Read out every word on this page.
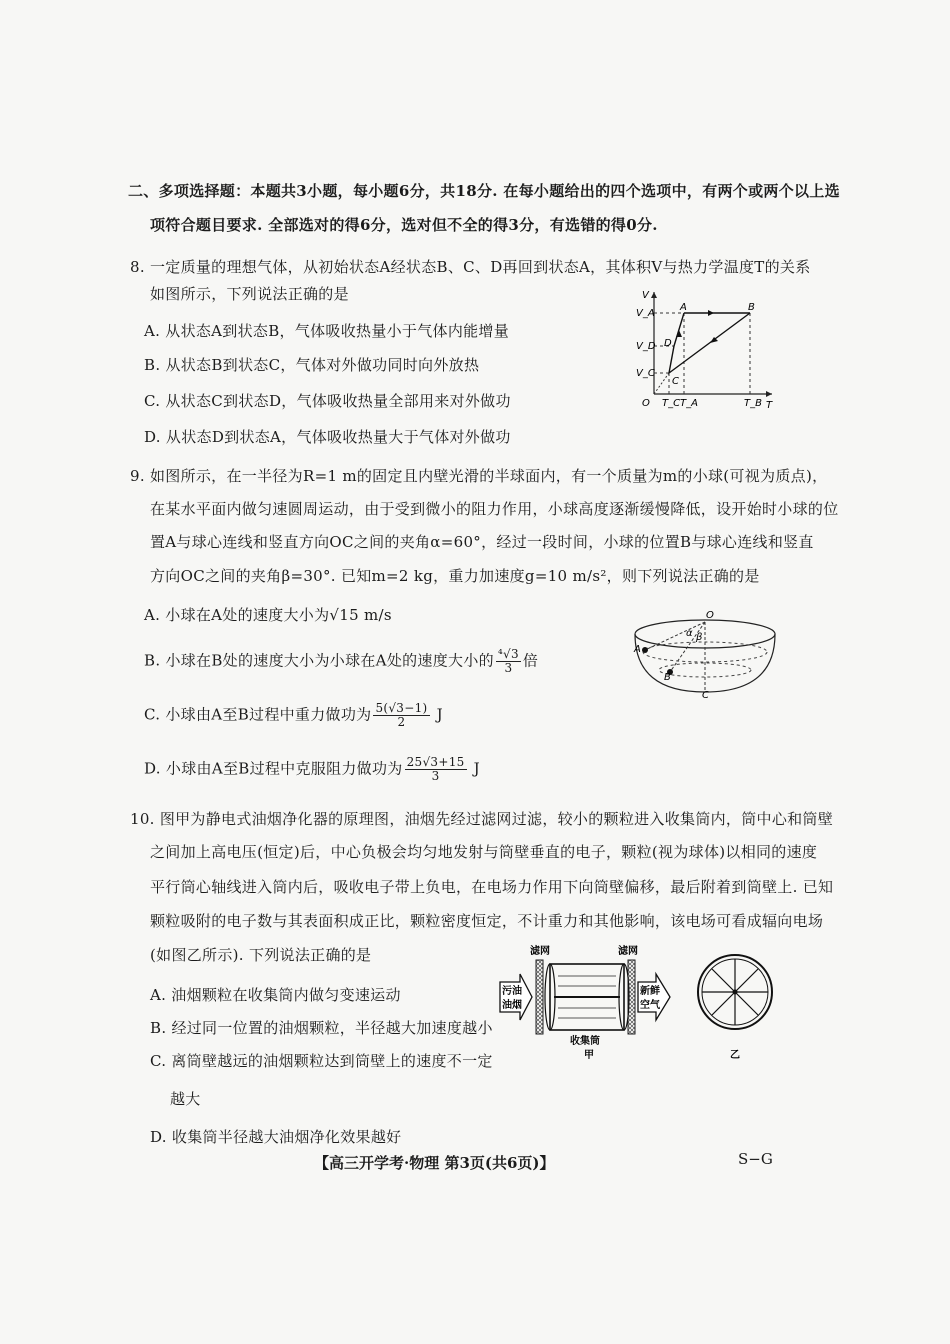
二、多项选择题：本题共3小题，每小题6分，共18分. 在每小题给出的四个选项中，有两个或两个以上选
项符合题目要求. 全部选对的得6分，选对但不全的得3分，有选错的得0分.
8. 一定质量的理想气体，从初始状态A经状态B、C、D再回到状态A，其体积V与热力学温度T的关系
如图所示，下列说法正确的是
A. 从状态A到状态B，气体吸收热量小于气体内能增量
B. 从状态B到状态C，气体对外做功同时向外放热
C. 从状态C到状态D，气体吸收热量全部用来对外做功
D. 从状态D到状态A，气体吸收热量大于气体对外做功
V
T
O
V_A
V_D
V_C
T_C T_A	T_B
A	B
C
D
9. 如图所示，在一半径为R=1 m的固定且内壁光滑的半球面内，有一个质量为m的小球(可视为质点)，
在某水平面内做匀速圆周运动，由于受到微小的阻力作用，小球高度逐渐缓慢降低，设开始时小球的位
置A与球心连线和竖直方向OC之间的夹角α=60°，经过一段时间，小球的位置B与球心连线和竖直
方向OC之间的夹角β=30°. 已知m=2 kg，重力加速度g=10 m/s²，则下列说法正确的是
A. 小球在A处的速度大小为√15 m/s
B. 小球在B处的速度大小为小球在A处的速度大小的 $\frac{\text{⁴√3}}{3}$ 倍
C. 小球由A至B过程中重力做功为 $\frac{5(√3-1)}{2}$ J
D. 小球由A至B过程中克服阻力做功为 $\frac{25√3+15}{3}$ J
O
A
B
C
α β
10. 图甲为静电式油烟净化器的原理图，油烟先经过滤网过滤，较小的颗粒进入收集筒内，筒中心和筒壁
之间加上高电压(恒定)后，中心负极会均匀地发射与筒壁垂直的电子，颗粒(视为球体)以相同的速度
平行筒心轴线进入筒内后，吸收电子带上负电，在电场力作用下向筒壁偏移，最后附着到筒壁上. 已知
颗粒吸附的电子数与其表面积成正比，颗粒密度恒定，不计重力和其他影响，该电场可看成辐向电场
(如图乙所示). 下列说法正确的是
A. 油烟颗粒在收集筒内做匀变速运动
B. 经过同一位置的油烟颗粒，半径越大加速度越小
C. 离筒壁越远的油烟颗粒达到筒壁上的速度不一定
越大
D. 收集筒半径越大油烟净化效果越好
滤网	滤网
污油
油烟
新鲜
空气
收集筒
甲	乙
【高三开学考·物理 第3页(共6页)】	S−G
